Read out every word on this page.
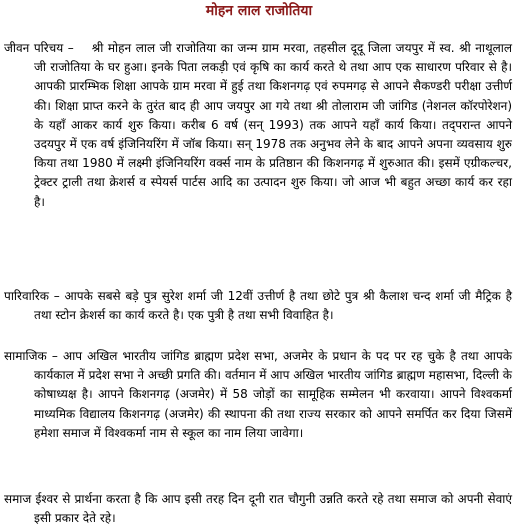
मोहन लाल राजोतिया
जीवन परिचय – श्री मोहन लाल जी राजोतिया का जन्म ग्राम मरवा, तहसील दूदू जिला जयपुर में स्व. श्री नाथूलाल जी राजोतिया के घर हुआ। इनके पिता लकड़ी एवं कृषि का कार्य करते थे तथा आप एक साधारण परिवार से है। आपकी प्रारम्भिक शिक्षा आपके ग्राम मरवा में हुई तथा किशनगढ़ एवं रुपमगढ़ से आपने सैकण्डरी परीक्षा उत्तीर्ण की। शिक्षा प्राप्त करने के तुरंत बाद ही आप जयपुर आ गये तथा श्री तोलाराम जी जांगिड (नेशनल कॉरपोरेशन) के यहाँ आकर कार्य शुरु किया। करीब 6 वर्ष (सन् 1993) तक आपने यहाँ कार्य किया। तद्परान्त आपने उदयपुर में एक वर्ष इंजिनियरिंग में जॉब किया। सन् 1978 तक अनुभव लेने के बाद आपने अपना व्यवसाय शुरु किया तथा 1980 में लक्ष्मी इंजिनियरिंग वर्क्स नाम के प्रतिष्ठान की किशनगढ़ में शुरुआत की। इसमें एग्रीकल्चर, ट्रेक्टर ट्राली तथा क्रेशर्स व स्पेयर्स पार्टस आदि का उत्पादन शुरु किया। जो आज भी बहुत अच्छा कार्य कर रहा है।
पारिवारिक – आपके सबसे बड़े पुत्र सुरेश शर्मा जी 12वीं उत्तीर्ण है तथा छोटे पुत्र श्री कैलाश चन्द शर्मा जी मैट्रिक है तथा स्टोन क्रेशर्स का कार्य करते है। एक पुत्री है तथा सभी विवाहित है।
सामाजिक – आप अखिल भारतीय जांगिड ब्राह्मण प्रदेश सभा, अजमेर के प्रधान के पद पर रह चुके है तथा आपके कार्यकाल में प्रदेश सभा ने अच्छी प्रगति की। वर्तमान में आप अखिल भारतीय जांगिड ब्राह्मण महासभा, दिल्ली के कोषाध्यक्ष है। आपने किशनगढ़ (अजमेर) में 58 जोड़ों का सामूहिक सम्मेलन भी करवाया। आपने विश्वकर्मा माध्यमिक विद्यालय किशनगढ़ (अजमेर) की स्थापना की तथा राज्य सरकार को आपने समर्पित कर दिया जिसमें हमेशा समाज में विश्वकर्मा नाम से स्कूल का नाम लिया जावेगा।
समाज ईश्वर से प्रार्थना करता है कि आप इसी तरह दिन दूनी रात चौगुनी उन्नति करते रहे तथा समाज को अपनी सेवाएं इसी प्रकार देते रहे।
